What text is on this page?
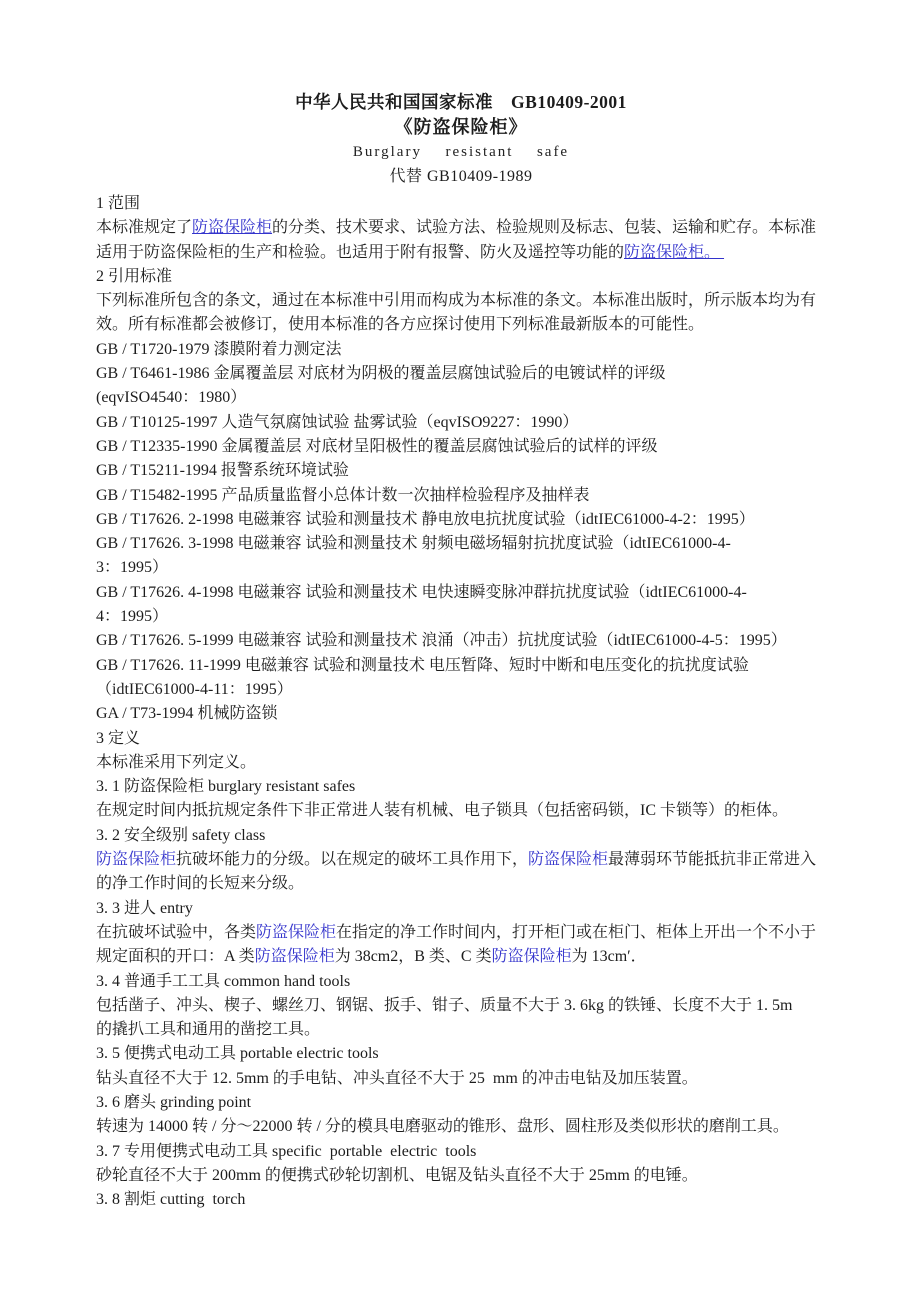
中华人民共和国国家标准　GB10409-2001
《防盗保险柜》
Burglary  resistant  safe
代替 GB10409-1989
1 范围
本标准规定了防盗保险柜的分类、技术要求、试验方法、检验规则及标志、包装、运输和贮存。本标准
适用于防盗保险柜的生产和检验。也适用于附有报警、防火及遥控等功能的防盗保险柜。
2 引用标准
下列标准所包含的条文，通过在本标准中引用而构成为本标准的条文。本标准出版时，所示版本均为有
效。所有标准都会被修订，使用本标准的各方应探讨使用下列标准最新版本的可能性。
GB / T1720-1979 漆膜附着力测定法
GB / T6461-1986 金属覆盖层 对底材为阴极的覆盖层腐蚀试验后的电镀试样的评级
(eqvISO4540：1980）
GB / T10125-1997 人造气氛腐蚀试验 盐雾试验（eqvISO9227：1990）
GB / T12335-1990 金属覆盖层 对底材呈阳极性的覆盖层腐蚀试验后的试样的评级
GB / T15211-1994 报警系统环境试验
GB / T15482-1995 产品质量监督小总体计数一次抽样检验程序及抽样表
GB / T17626. 2-1998 电磁兼容 试验和测量技术 静电放电抗扰度试验（idtIEC61000-4-2：1995）
GB / T17626. 3-1998 电磁兼容 试验和测量技术 射频电磁场辐射抗扰度试验（idtIEC61000-4-
3：1995）
GB / T17626. 4-1998 电磁兼容 试验和测量技术 电快速瞬变脉冲群抗扰度试验（idtIEC61000-4-
4：1995）
GB / T17626. 5-1999 电磁兼容 试验和测量技术 浪涌（冲击）抗扰度试验（idtIEC61000-4-5：1995）
GB / T17626. 11-1999 电磁兼容 试验和测量技术 电压暂降、短时中断和电压变化的抗扰度试验
（idtIEC61000-4-11：1995）
GA / T73-1994 机械防盗锁
3 定义
本标准采用下列定义。
3. 1 防盗保险柜 burglary resistant safes
在规定时间内抵抗规定条件下非正常进人装有机械、电子锁具（包括密码锁，IC 卡锁等）的柜体。
3. 2 安全级别 safety class
防盗保险柜抗破坏能力的分级。以在规定的破坏工具作用下，防盗保险柜最薄弱环节能抵抗非正常进入
的净工作时间的长短来分级。
3. 3 进人 entry
在抗破坏试验中，各类防盗保险柜在指定的净工作时间内，打开柜门或在柜门、柜体上开出一个不小于
规定面积的开口：A 类防盗保险柜为 38cm2，B 类、C 类防盗保险柜为 13cm′．
3. 4 普通手工工具 common hand tools
包括凿子、冲头、楔子、螺丝刀、钢锯、扳手、钳子、质量不大于 3. 6kg 的铁锤、长度不大于 1. 5m
的撬扒工具和通用的凿挖工具。
3. 5 便携式电动工具 portable electric tools
钻头直径不大于 12. 5mm 的手电钻、冲头直径不大于 25  mm 的冲击电钻及加压装置。
3. 6 磨头 grinding point
转速为 14000 转 / 分～22000 转 / 分的模具电磨驱动的锥形、盘形、圆柱形及类似形状的磨削工具。
3. 7 专用便携式电动工具 specific  portable  electric  tools
砂轮直径不大于 200mm 的便携式砂轮切割机、电锯及钻头直径不大于 25mm 的电锤。
3. 8 割炬 cutting  torch
